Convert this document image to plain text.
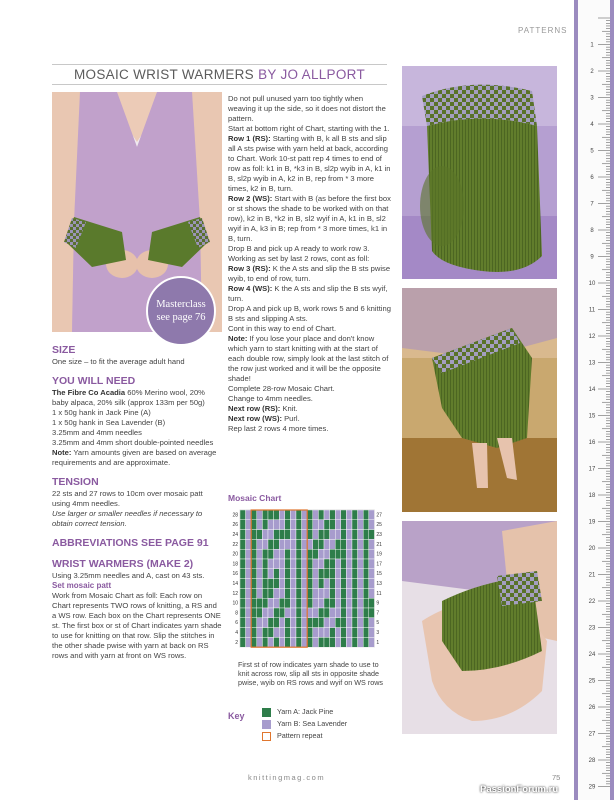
PATTERNS
MOSAIC WRIST WARMERS BY JO ALLPORT
Masterclass
see page 76
1
2
3
4
5
6
7
8
9
10
11
12
13
14
15
16
17
18
19
20
21
22
23
24
25
26
27
28
29
SIZE

One size – to fit the average adult hand

YOU WILL NEED

The Fibre Co Acadia 60% Merino wool, 20% baby alpaca, 20% silk (approx 133m per 50g)

1 x 50g hank in Jack Pine (A)

1 x 50g hank in Sea Lavender (B)

3.25mm and 4mm needles

3.25mm and 4mm short double-pointed needles

Note: Yarn amounts given are based on average requirements and are approximate.

TENSION

22 sts and 27 rows to 10cm over mosaic patt using 4mm needles.

Use larger or smaller needles if necessary to obtain correct tension.

ABBREVIATIONS SEE PAGE 91
WRIST WARMERS (MAKE 2)

Using 3.25mm needles and A, cast on 43 sts.

Set mosaic patt

Work from Mosaic Chart as foll: Each row on Chart represents TWO rows of knitting, a RS and a WS row. Each box on the Chart represents ONE st. The first box or st of Chart indicates yarn shade to use for knitting on that row. Slip the stitches in the other shade pwise with yarn at back on RS rows and with yarn at front on WS rows.

Do not pull unused yarn too tightly when weaving it up the side, so it does not distort the pattern.

Start at bottom right of Chart, starting with the 1.

Row 1 (RS): Starting with B, k all B sts and slip all A sts pwise with yarn held at back, according to Chart. Work 10-st patt rep 4 times to end of row as foll: k1 in B, *k3 in B, sl2p wyib in A, k1 in B, sl2p wyib in A, k2 in B, rep from * 3 more times, k2 in B, turn.

Row 2 (WS): Start with B (as before the first box or st shows the shade to be worked with on that row), k2 in B, *k2 in B, sl2 wyif in A, k1 in B, sl2 wyif in A, k3 in B; rep from * 3 more times, k1 in B, turn.

Drop B and pick up A ready to work row 3. Working as set by last 2 rows, cont as foll:

Row 3 (RS): K the A sts and slip the B sts pwise wyib, to end of row, turn.

Row 4 (WS): K the A sts and slip the B sts wyif, turn.

Drop A and pick up B, work rows 5 and 6 knitting B sts and slipping A sts.

Cont in this way to end of Chart.

Note: If you lose your place and don't know which yarn to start knitting with at the start of each double row, simply look at the last stitch of the row just worked and it will be the opposite shade!

Complete 28-row Mosaic Chart.

Change to 4mm needles.

Next row (RS): Knit.

Next row (WS): Purl.

Rep last 2 rows 4 more times.

Mosaic Chart
28	27
26	25
24	23
22	21
20	19
18	17
16	15
14	13
12	11
10	9
8	7
6	5
4	3
2	1
First st of row indicates yarn shade to use to knit across row, slip all sts in opposite shade pwise, wyib on RS rows and wyif on WS rows
Key	Yarn A: Jack Pine
Yarn B: Sea Lavender
Pattern repeat
knittingmag.com	75
PassionForum.ru
